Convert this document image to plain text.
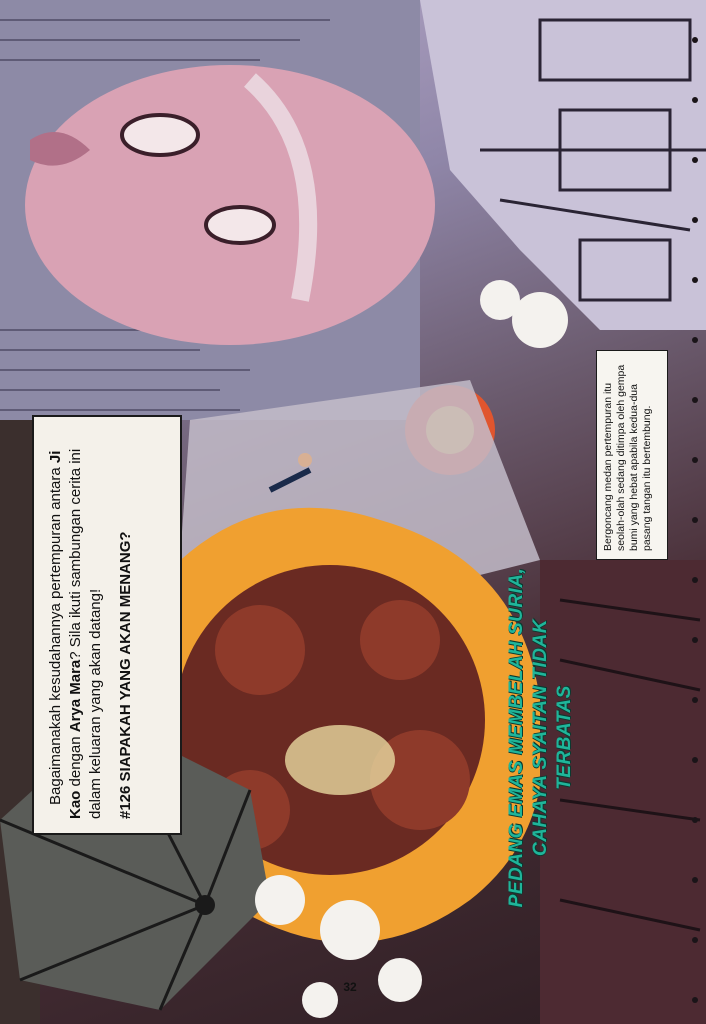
Bergoncang medan pertempuran itu seolah-olah sedang ditimpa oleh gempa bumi yang hebat apabila kedua-dua pasang tangan itu bertembung.
PEDANG EMAS MEMBELAH SURIA, CAHAYA SYAITAN TIDAK TERBATAS

Bagaimanakah kesudahannya pertempuran antara Ji Kao dengan Arya Mara? Sila ikuti sambungan cerita ini dalam keluaran yang akan datang! #126 SIAPAKAH YANG AKAN MENANG?

32
